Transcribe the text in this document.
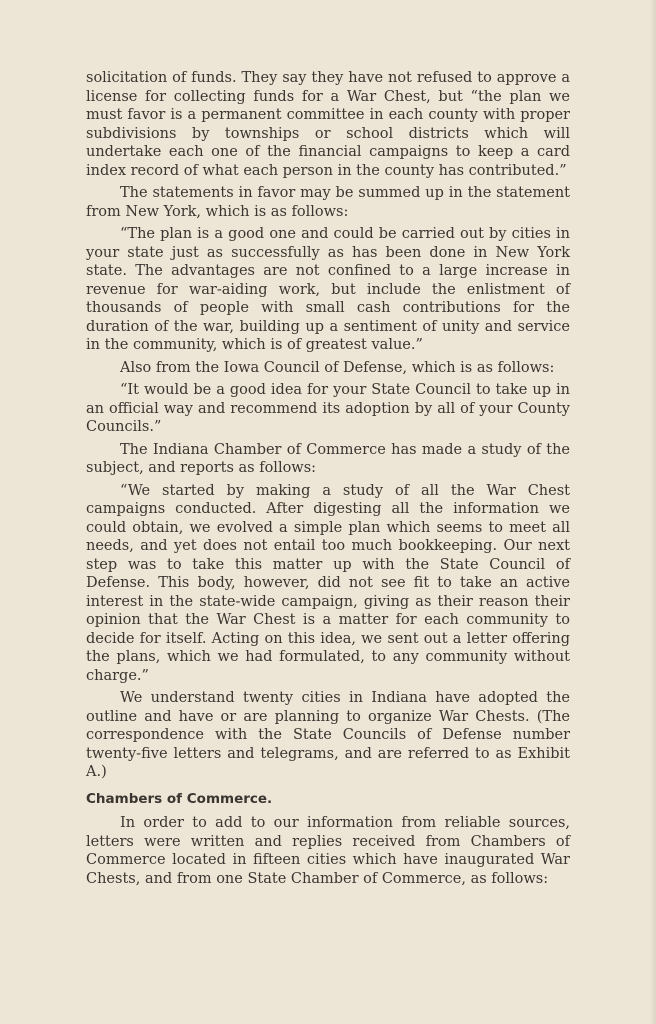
solicitation of funds. They say they have not refused to approve a license for collecting funds for a War Chest, but “the plan we must favor is a permanent committee in each county with proper subdivisions by townships or school districts which will undertake each one of the financial campaigns to keep a card index record of what each person in the county has contributed.”

The statements in favor may be summed up in the statement from New York, which is as follows:

“The plan is a good one and could be carried out by cities in your state just as successfully as has been done in New York state. The advantages are not confined to a large increase in revenue for war-aiding work, but include the enlistment of thousands of people with small cash contributions for the duration of the war, building up a sentiment of unity and service in the community, which is of greatest value.”

Also from the Iowa Council of Defense, which is as follows:

“It would be a good idea for your State Council to take up in an official way and recommend its adoption by all of your County Councils.”

The Indiana Chamber of Commerce has made a study of the subject, and reports as follows:

“We started by making a study of all the War Chest campaigns conducted. After digesting all the information we could obtain, we evolved a simple plan which seems to meet all needs, and yet does not entail too much bookkeeping. Our next step was to take this matter up with the State Council of Defense. This body, however, did not see fit to take an active interest in the state-wide campaign, giving as their reason their opinion that the War Chest is a matter for each community to decide for itself. Acting on this idea, we sent out a letter offering the plans, which we had formulated, to any community without charge.”

We understand twenty cities in Indiana have adopted the outline and have or are planning to organize War Chests. (The correspondence with the State Councils of Defense number twenty-five letters and telegrams, and are referred to as Exhibit A.)

Chambers of Commerce.

In order to add to our information from reliable sources, letters were written and replies received from Chambers of Commerce located in fifteen cities which have inaugurated War Chests, and from one State Chamber of Commerce, as follows:
